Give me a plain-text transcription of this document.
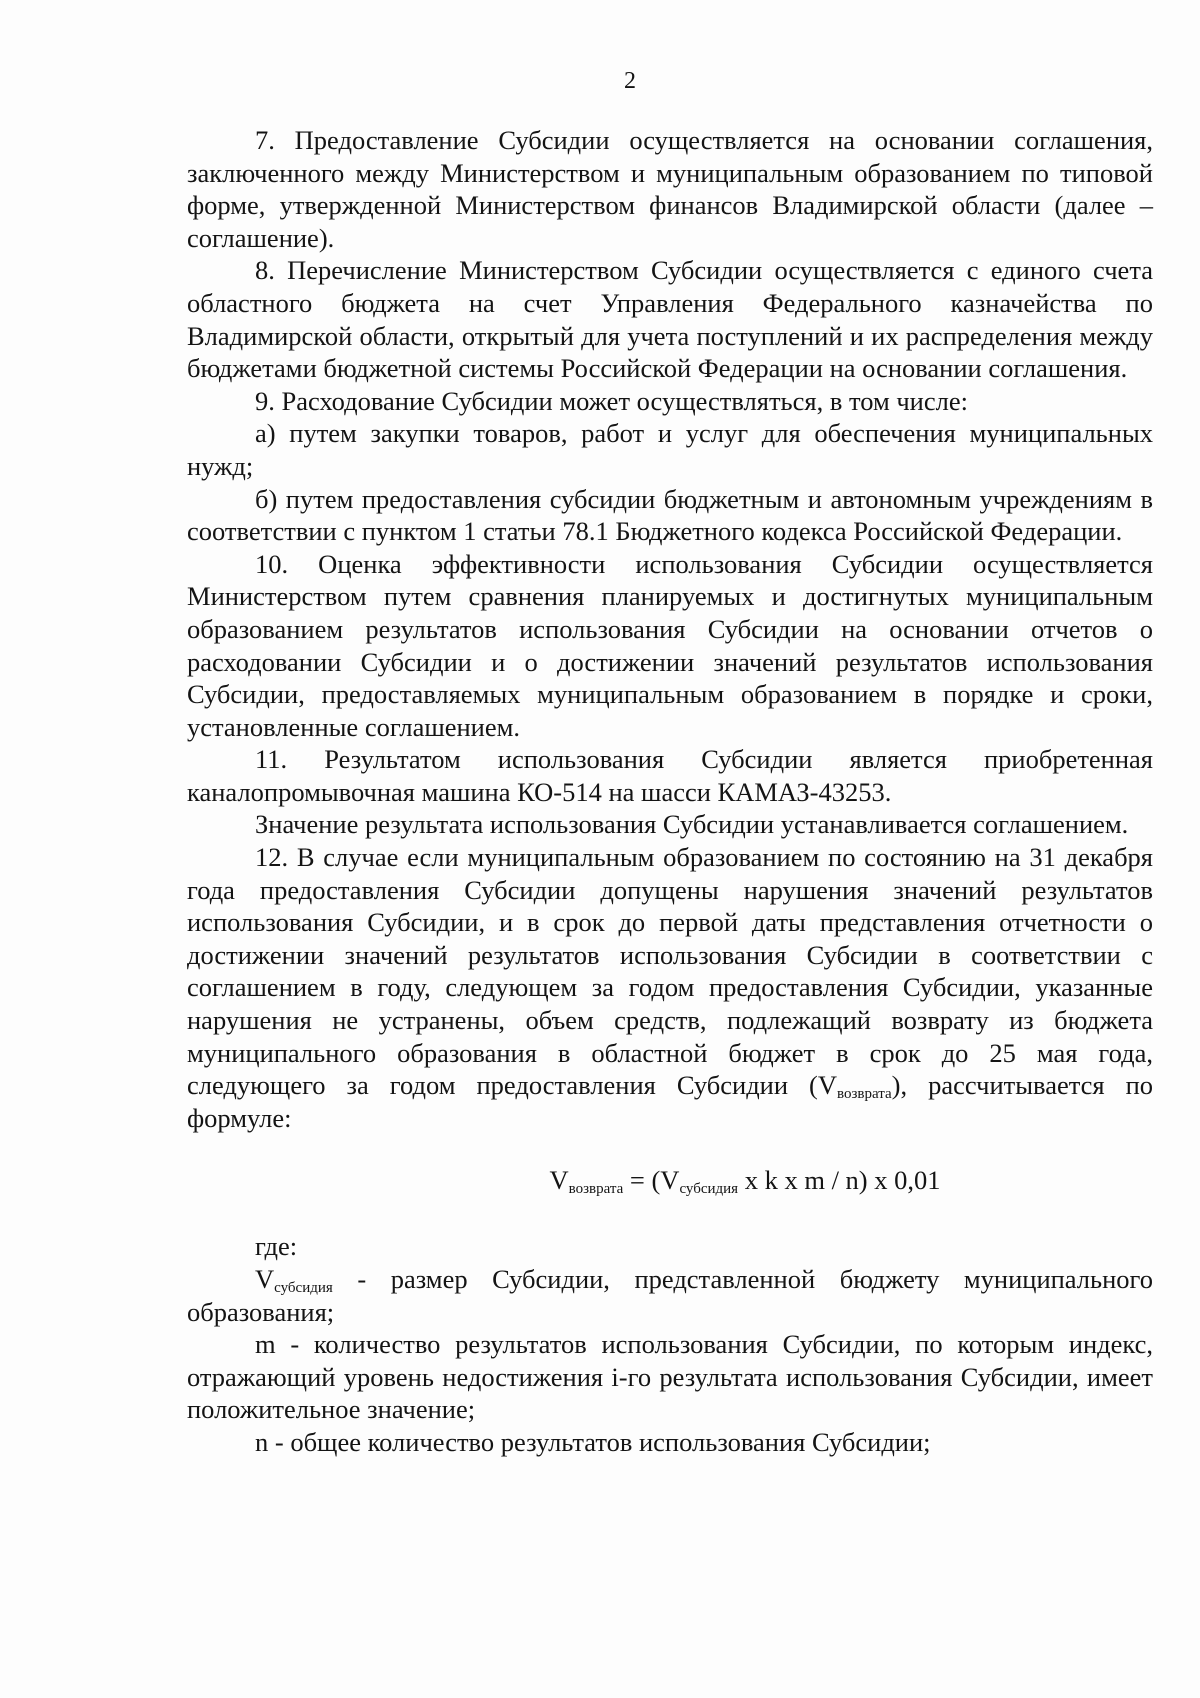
2

7. Предоставление Субсидии осуществляется на основании соглашения, заключенного между Министерством и муниципальным образованием по типовой форме, утвержденной Министерством финансов Владимирской области (далее – соглашение).

8. Перечисление Министерством Субсидии осуществляется с единого счета областного бюджета на счет Управления Федерального казначейства по Владимирской области, открытый для учета поступлений и их распределения между бюджетами бюджетной системы Российской Федерации на основании соглашения.

9. Расходование Субсидии может осуществляться, в том числе:

а) путем закупки товаров, работ и услуг для обеспечения муниципальных нужд;

б) путем предоставления субсидии бюджетным и автономным учреждениям в соответствии с пунктом 1 статьи 78.1 Бюджетного кодекса Российской Федерации.

10. Оценка эффективности использования Субсидии осуществляется Министерством путем сравнения планируемых и достигнутых муниципальным образованием результатов использования Субсидии на основании отчетов о расходовании Субсидии и о достижении значений результатов использования Субсидии, предоставляемых муниципальным образованием в порядке и сроки, установленные соглашением.

11. Результатом использования Субсидии является приобретенная каналопромывочная машина КО-514 на шасси КАМАЗ-43253.

Значение результата использования Субсидии устанавливается соглашением.

12. В случае если муниципальным образованием по состоянию на 31 декабря года предоставления Субсидии допущены нарушения значений результатов использования Субсидии, и в срок до первой даты представления отчетности о достижении значений результатов использования Субсидии в соответствии с соглашением в году, следующем за годом предоставления Субсидии, указанные нарушения не устранены, объем средств, подлежащий возврату из бюджета муниципального образования в областной бюджет в срок до 25 мая года, следующего за годом предоставления Субсидии $(V_{возврата})$, рассчитывается по формуле:

$V_{возврата} = (V_{субсидия}$ x k x m / n) x 0,01

где:

$V_{субсидия}$ - размер Субсидии, представленной бюджету муниципального образования;

m - количество результатов использования Субсидии, по которым индекс, отражающий уровень недостижения i-го результата использования Субсидии, имеет положительное значение;

n - общее количество результатов использования Субсидии;
